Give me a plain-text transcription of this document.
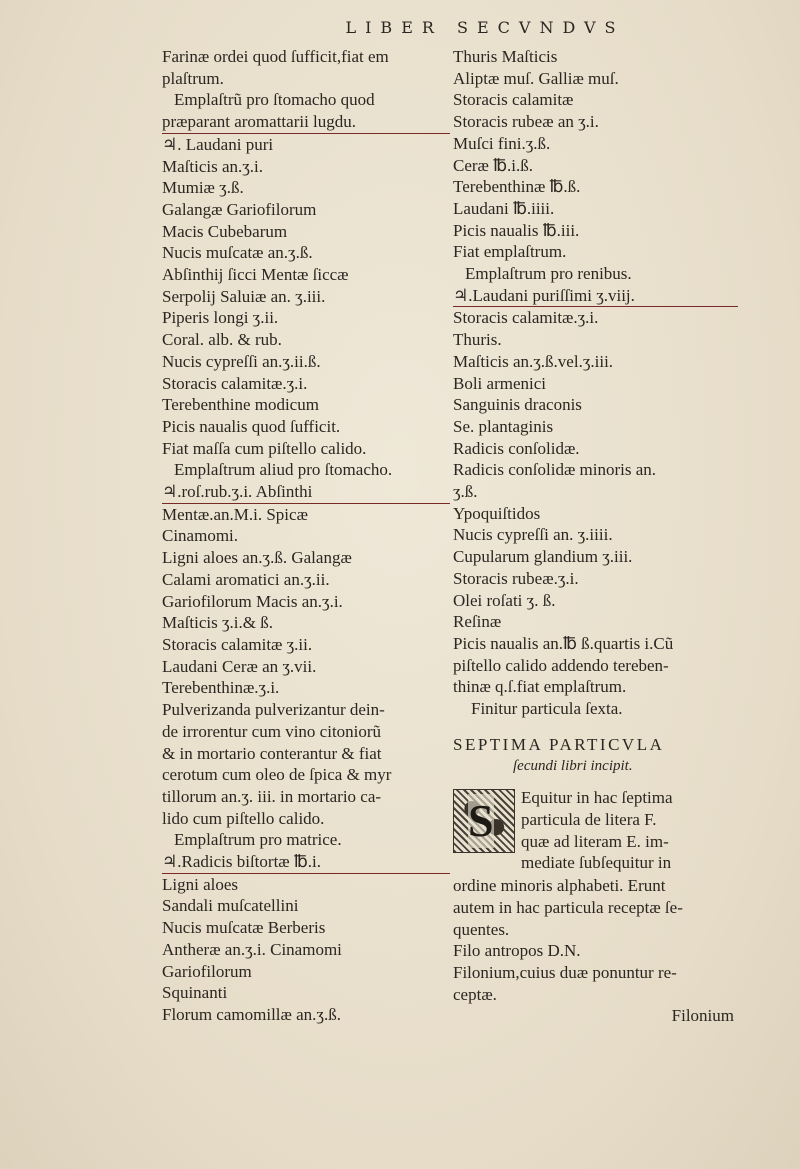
LIBER SECVNDVS
Farinæ ordei quod ſufficit,fiat em
plaſtrum.
Emplaſtrũ pro ſtomacho quod
præparant aromattarii lugdu.
♃. Laudani puri
Maſticis an.ʒ.i.
Mumiæ ʒ.ß.
Galangæ Gariofilorum
Macis Cubebarum
Nucis muſcatæ an.ʒ.ß.
Abſinthij ſicci Mentæ ſiccæ
Serpolij Saluiæ an. ʒ.iii.
Piperis longi ʒ.ii.
Coral. alb. & rub.
Nucis cypreſſi an.ʒ.ii.ß.
Storacis calamitæ.ʒ.i.
Terebenthine modicum
Picis naualis quod ſufficit.
Fiat maſſa cum piſtello calido.
Emplaſtrum aliud pro ſtomacho.
♃.roſ.rub.ʒ.i. Abſinthi
Mentæ.an.M.i. Spicæ
Cinamomi.
Ligni aloes an.ʒ.ß. Galangæ
Calami aromatici an.ʒ.ii.
Gariofilorum Macis an.ʒ.i.
Maſticis ʒ.i.& ß.
Storacis calamitæ ʒ.ii.
Laudani Ceræ an ʒ.vii.
Terebenthinæ.ʒ.i.
Pulverizanda pulverizantur dein-
de irrorentur cum vino citoniorũ
& in mortario conterantur & fiat
cerotum cum oleo de ſpica & myr
tillorum an.ʒ. iii. in mortario ca-
lido cum piſtello calido.
Emplaſtrum pro matrice.
♃.Radicis biſtortæ ℔.i.
Ligni aloes
Sandali muſcatellini
Nucis muſcatæ Berberis
Antheræ an.ʒ.i. Cinamomi
Gariofilorum
Squinanti
Florum camomillæ an.ʒ.ß.
Thuris Maſticis
Aliptæ muſ. Galliæ muſ.
Storacis calamitæ
Storacis rubeæ an ʒ.i.
Muſci fini.ʒ.ß.
Ceræ ℔.i.ß.
Terebenthinæ ℔.ß.
Laudani ℔.iiii.
Picis naualis ℔.iii.
Fiat emplaſtrum.
Emplaſtrum pro renibus.
♃.Laudani puriſſimi ʒ.viij.
Storacis calamitæ.ʒ.i.
Thuris.
Maſticis an.ʒ.ß.vel.ʒ.iii.
Boli armenici
Sanguinis draconis
Se. plantaginis
Radicis conſolidæ.
Radicis conſolidæ minoris an.
ʒ.ß.
Ypoquiſtidos
Nucis cypreſſi an. ʒ.iiii.
Cupularum glandium ʒ.iii.
Storacis rubeæ.ʒ.i.
Olei roſati ʒ. ß.
Reſinæ
Picis naualis an.℔ ß.quartis i.Cũ
piſtello calido addendo tereben-
thinæ q.ſ.fiat emplaſtrum.
Finitur particula ſexta.
SEPTIMA PARTICVLA
ſecundi libri incipit.
S Equitur in hac ſeptima
particula de litera F.
quæ ad literam E. im-
mediate ſubſequitur in
ordine minoris alphabeti. Erunt
autem in hac particula receptæ ſe-
quentes.
Filo antropos D.N.
Filonium,cuius duæ ponuntur re-
ceptæ.
Filonium
